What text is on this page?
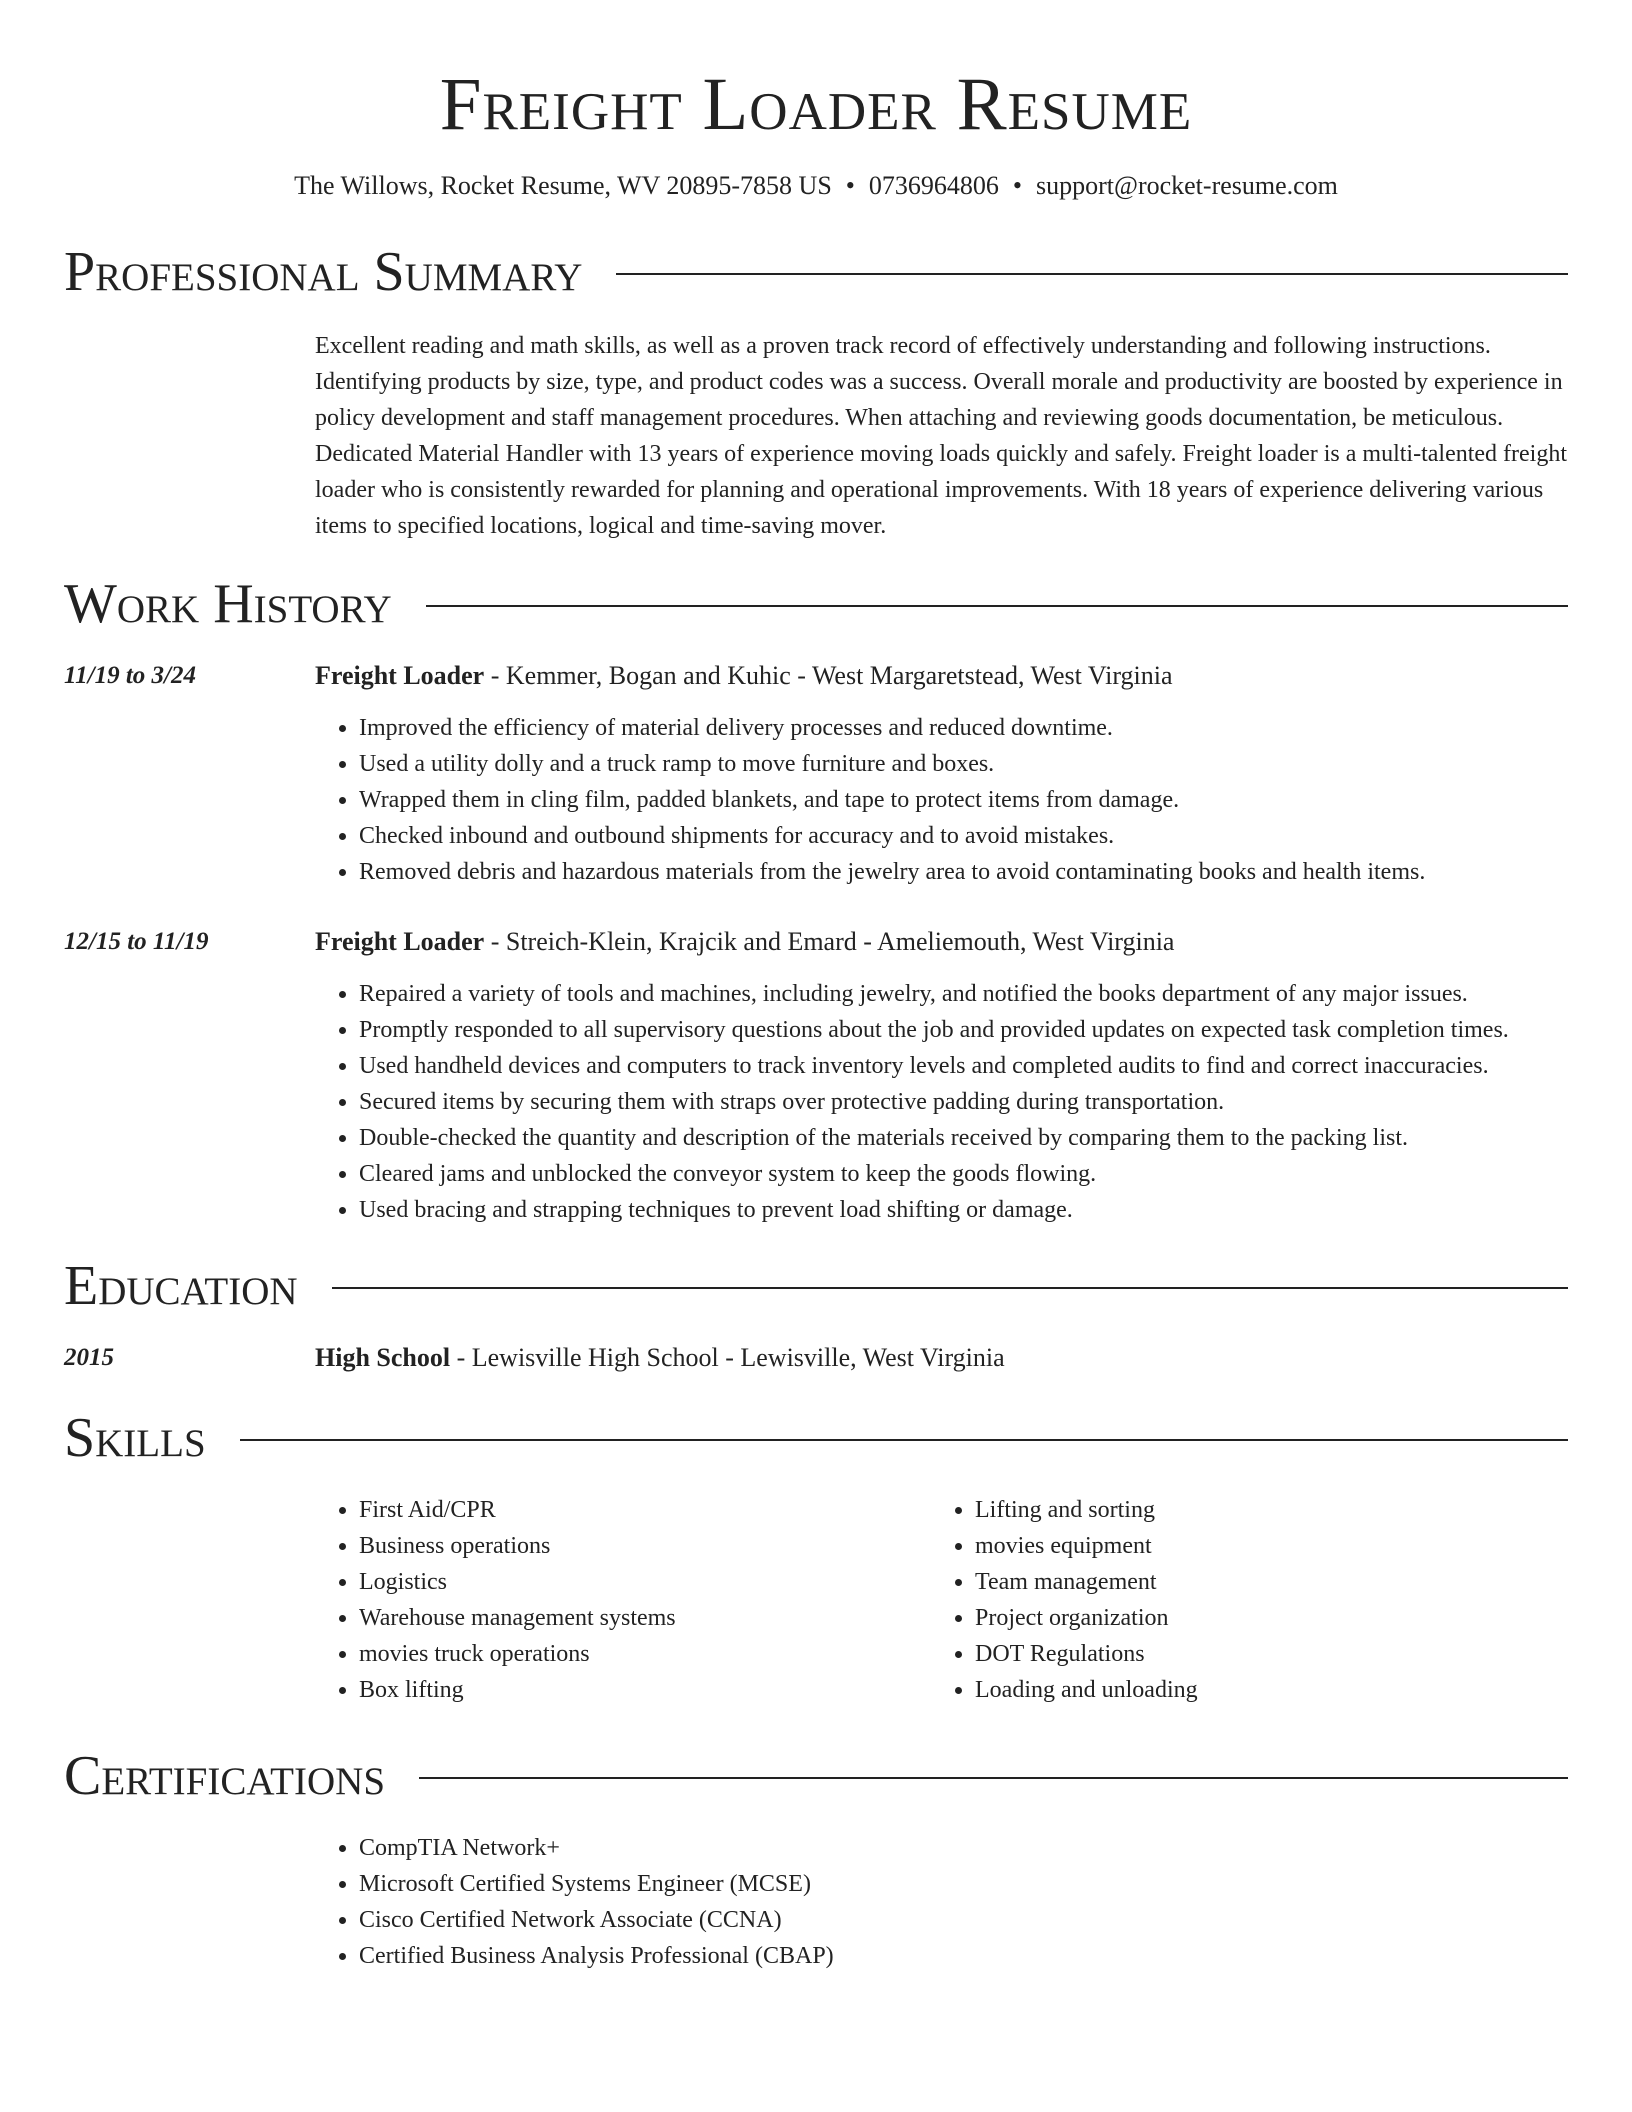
Freight Loader Resume
The Willows, Rocket Resume, WV 20895-7858 US • 0736964806 • support@rocket-resume.com
Professional Summary

Excellent reading and math skills, as well as a proven track record of effectively understanding and following instructions. Identifying products by size, type, and product codes was a success. Overall morale and productivity are boosted by experience in policy development and staff management procedures. When attaching and reviewing goods documentation, be meticulous. Dedicated Material Handler with 13 years of experience moving loads quickly and safely. Freight loader is a multi-talented freight loader who is consistently rewarded for planning and operational improvements. With 18 years of experience delivering various items to specified locations, logical and time-saving mover.

Work History
11/19 to 3/24	Freight Loader - Kemmer, Bogan and Kuhic - West Margaretstead, West Virginia
• Improved the efficiency of material delivery processes and reduced downtime.
• Used a utility dolly and a truck ramp to move furniture and boxes.
• Wrapped them in cling film, padded blankets, and tape to protect items from damage.
• Checked inbound and outbound shipments for accuracy and to avoid mistakes.
• Removed debris and hazardous materials from the jewelry area to avoid contaminating books and health items.
12/15 to 11/19	Freight Loader - Streich-Klein, Krajcik and Emard - Ameliemouth, West Virginia
• Repaired a variety of tools and machines, including jewelry, and notified the books department of any major issues.
• Promptly responded to all supervisory questions about the job and provided updates on expected task completion times.
• Used handheld devices and computers to track inventory levels and completed audits to find and correct inaccuracies.
• Secured items by securing them with straps over protective padding during transportation.
• Double-checked the quantity and description of the materials received by comparing them to the packing list.
• Cleared jams and unblocked the conveyor system to keep the goods flowing.
• Used bracing and strapping techniques to prevent load shifting or damage.
Education
2015	High School - Lewisville High School - Lewisville, West Virginia
Skills
• First Aid/CPR
• Business operations
• Logistics
• Warehouse management systems
• movies truck operations
• Box lifting
• Lifting and sorting
• movies equipment
• Team management
• Project organization
• DOT Regulations
• Loading and unloading
Certifications
• CompTIA Network+
• Microsoft Certified Systems Engineer (MCSE)
• Cisco Certified Network Associate (CCNA)
• Certified Business Analysis Professional (CBAP)
